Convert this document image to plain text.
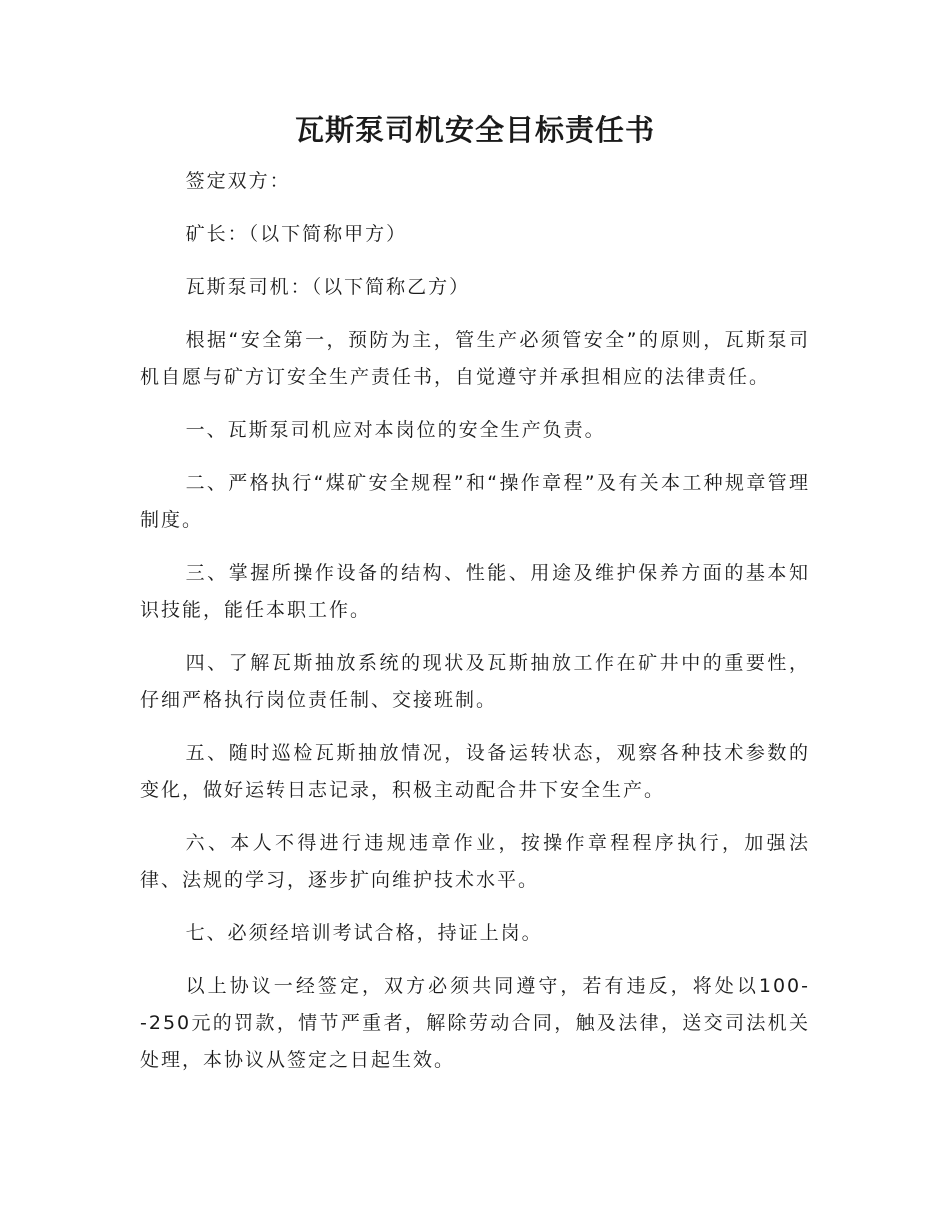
瓦斯泵司机安全目标责任书

签定双方：

矿长：（以下简称甲方）

瓦斯泵司机：（以下简称乙方）

根据“安全第一，预防为主，管生产必须管安全”的原则，瓦斯泵司机自愿与矿方订安全生产责任书，自觉遵守并承担相应的法律责任。

一、瓦斯泵司机应对本岗位的安全生产负责。

二、严格执行“煤矿安全规程”和“操作章程”及有关本工种规章管理制度。

三、掌握所操作设备的结构、性能、用途及维护保养方面的基本知识技能，能任本职工作。

四、了解瓦斯抽放系统的现状及瓦斯抽放工作在矿井中的重要性，仔细严格执行岗位责任制、交接班制。

五、随时巡检瓦斯抽放情况，设备运转状态，观察各种技术参数的变化，做好运转日志记录，积极主动配合井下安全生产。

六、本人不得进行违规违章作业，按操作章程程序执行，加强法律、法规的学习，逐步扩向维护技术水平。

七、必须经培训考试合格，持证上岗。

以上协议一经签定，双方必须共同遵守，若有违反，将处以100--250元的罚款，情节严重者，解除劳动合同，触及法律，送交司法机关处理，本协议从签定之日起生效。
